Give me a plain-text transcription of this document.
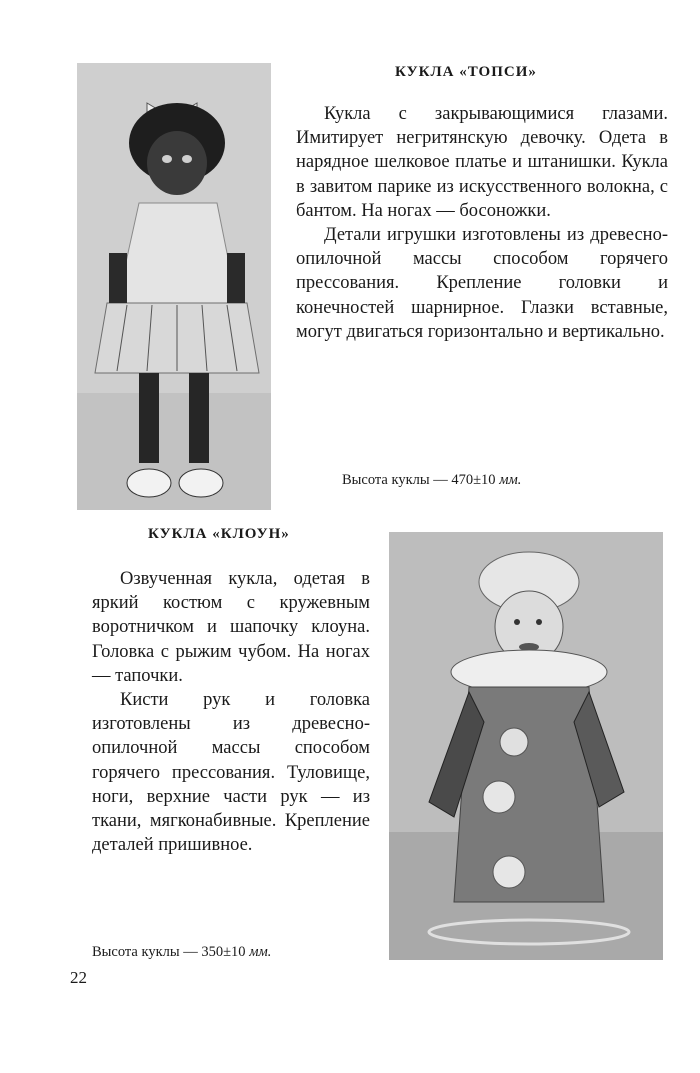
КУКЛА «ТОПСИ»

Кукла с закрывающимися глазами. Имитирует негритянскую девочку. Одета в нарядное шелковое платье и штанишки. Кукла в завитом парике из искусственного волокна, с бантом. На ногах — босоножки.

Детали игрушки изготовлены из древесно-опилочной массы способом горячего прессования. Крепление головки и конечностей шарнирное. Глазки вставные, могут двигаться горизонтально и вертикально.

Высота куклы — 470±10 мм.
КУКЛА «КЛОУН»

Озвученная кукла, одетая в яркий костюм с кружевным воротничком и шапочку клоуна. Головка с рыжим чубом. На ногах — тапочки.

Кисти рук и головка изготовлены из древесно-опилочной массы способом горячего прессования. Туловище, ноги, верхние части рук — из ткани, мягконабивные. Крепление деталей пришивное.

Высота куклы — 350±10 мм.
22
